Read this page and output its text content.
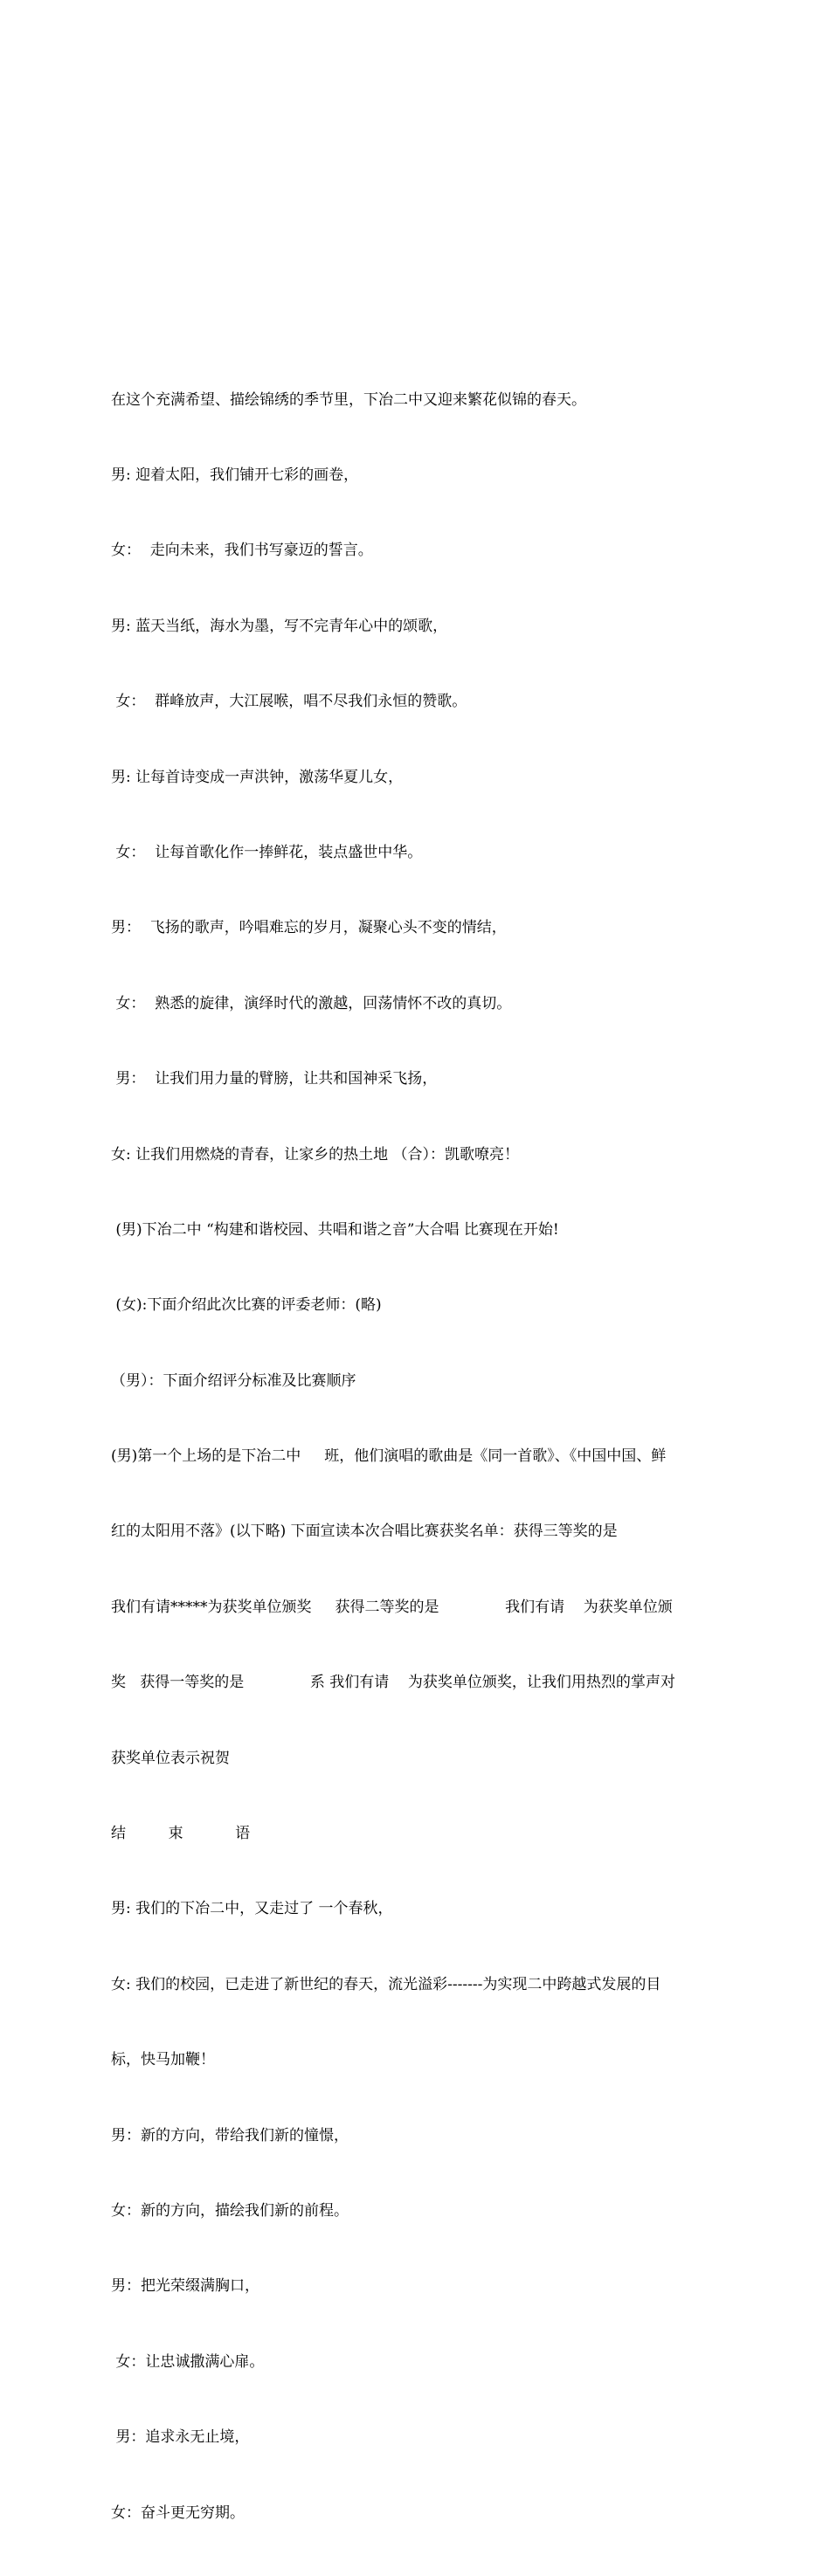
在这个充满希望、描绘锦绣的季节里，下冶二中又迎来繁花似锦的春天。

男: 迎着太阳，我们铺开七彩的画卷，

女：  走向未来，我们书写豪迈的誓言。

男: 蓝天当纸，海水为墨，写不完青年心中的颂歌，

女：  群峰放声，大江展喉，唱不尽我们永恒的赞歌。

男: 让每首诗变成一声洪钟，激荡华夏儿女，

女：  让每首歌化作一捧鲜花，装点盛世中华。

男：  飞扬的歌声，吟唱难忘的岁月，凝聚心头不变的情结，

女：  熟悉的旋律，演绎时代的激越，回荡情怀不改的真切。

男：  让我们用力量的臂膀，让共和国神采飞扬，

女: 让我们用燃烧的青春，让家乡的热土地 （合）：凯歌嘹亮！

(男)下冶二中 “构建和谐校园、共唱和谐之音”大合唱 比赛现在开始!

(女):下面介绍此次比赛的评委老师：(略)

（男）：下面介绍评分标准及比赛顺序

(男)第一个上场的是下冶二中     班，他们演唱的歌曲是《同一首歌》、《中国中国、鲜

红的太阳用不落》(以下略) 下面宣读本次合唱比赛获奖名单：获得三等奖的是

我们有请*****为获奖单位颁奖     获得二等奖的是              我们有请    为获奖单位颁

奖   获得一等奖的是              系 我们有请    为获奖单位颁奖，让我们用热烈的掌声对

获奖单位表示祝贺

结         束           语

男: 我们的下冶二中，又走过了 一个春秋，

女: 我们的校园，已走进了新世纪的春天，流光溢彩-------为实现二中跨越式发展的目

标，快马加鞭！

男：新的方向，带给我们新的憧憬，

女：新的方向，描绘我们新的前程。

男：把光荣缀满胸口，

女：让忠诚撒满心扉。

男：追求永无止境，

女：奋斗更无穷期。
